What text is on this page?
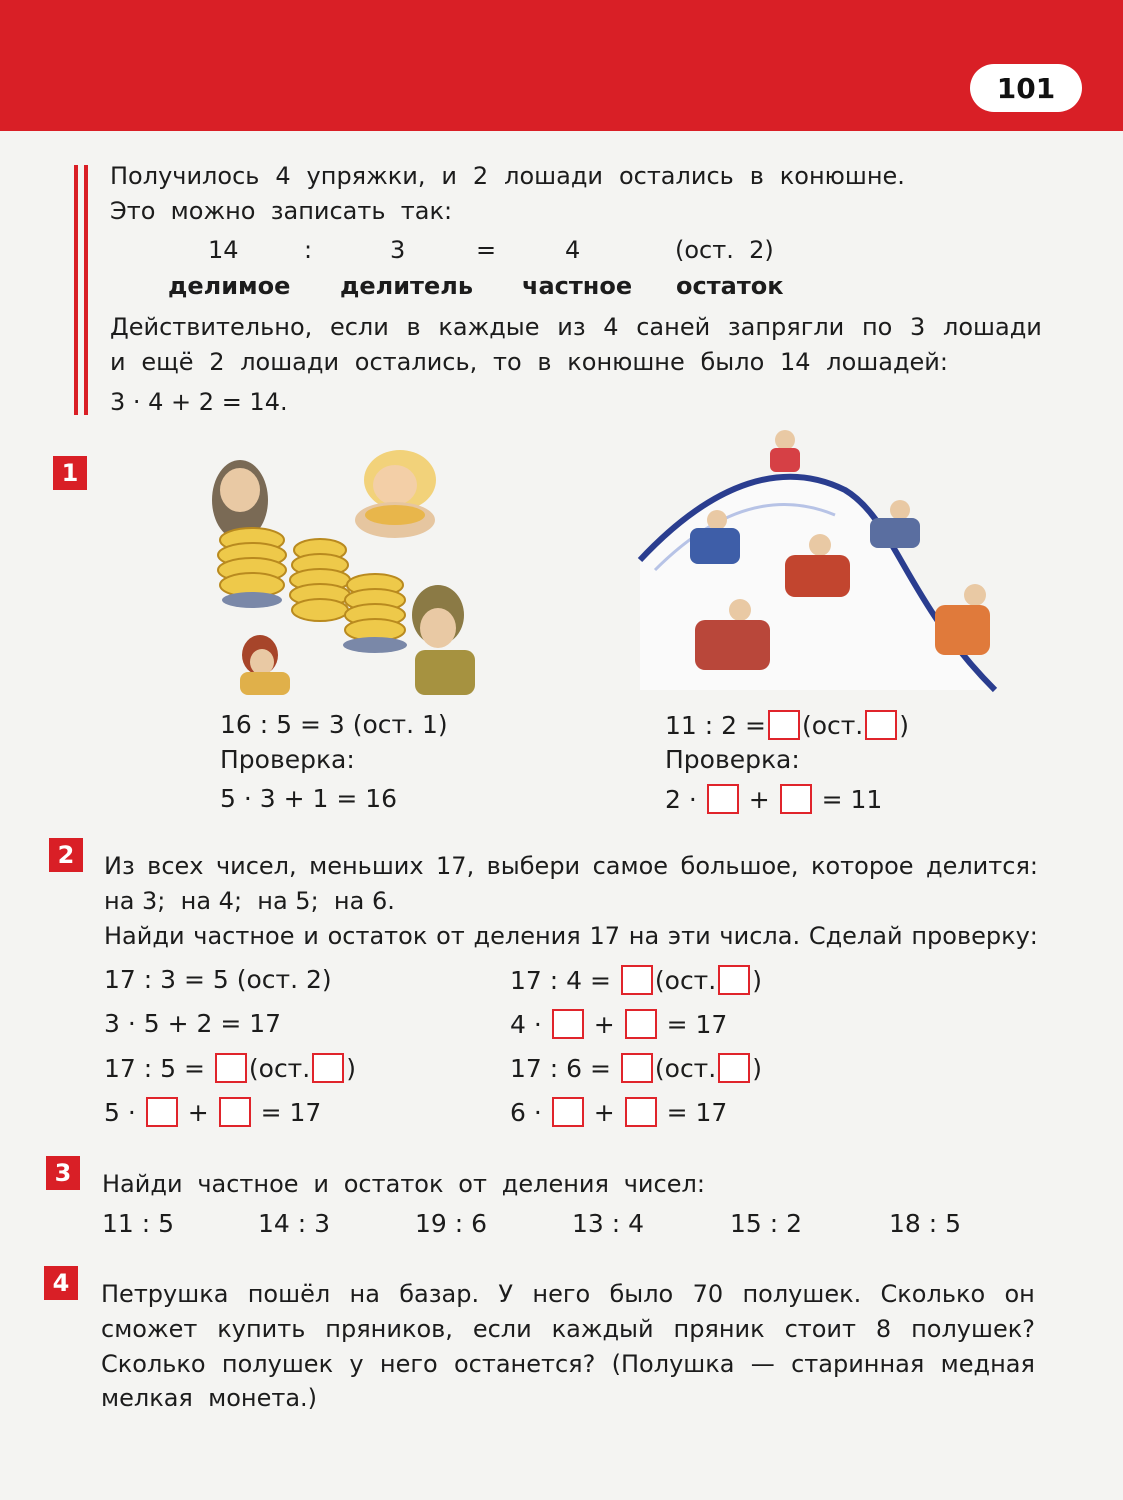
101
Получилось 4 упряжки, и 2 лошади остались в конюшне.
Это  можно  записать  так:
14	:	3	=	4	(ост.  2)
делимое делитель частное остаток
Действительно, если в каждые из 4 саней запрягли по 3 лошади
и ещё 2 лошади остались, то в конюшне было 14 лошадей:
3 · 4 + 2 = 14.
1
16 : 5 = 3 (ост. 1)
Проверка:
5 · 3 + 1 = 16
11 : 2 = (ост. )
Проверка:
2 · + = 11
2	Из всех чисел, меньших 17, выбери самое большое, которое делится:
на 3;  на 4;  на 5;  на 6.
Найди частное и остаток от деления 17 на эти числа. Сделай проверку:
17 : 3 = 5 (ост. 2)
3 · 5 + 2 = 17
17 : 4 = (ост. )
4 · + = 17
17 : 5 = (ост. )	17 : 6 = (ост. )
5 · + = 17	6 · + = 17
3	Найди частное и остаток от деления чисел:
11 : 5	14 : 3	19 : 6	13 : 4	15 : 2	18 : 5
4	Петрушка пошёл на базар. У него было 70 полушек. Сколько он
сможет купить пряников, если каждый пряник стоит 8 полушек?
Сколько полушек у него останется? (Полушка — старинная медная
мелкая  монета.)
